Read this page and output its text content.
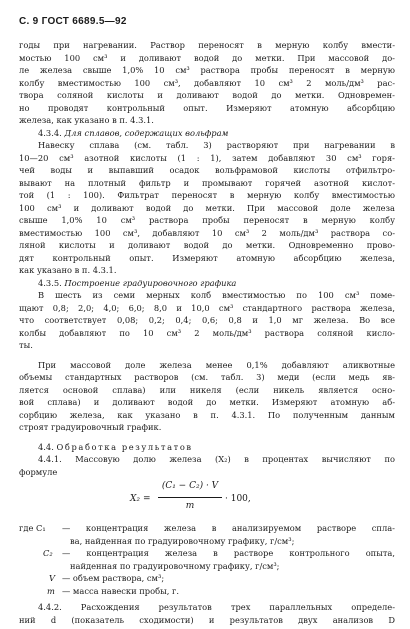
С. 9 ГОСТ 6689.5—92
годы при нагревании. Раствор переносят в мерную колбу вмести-
мостью 100 см³ и доливают водой до метки. При массовой до-
ле железа свыше 1,0% 10 см³ раствора пробы переносят в мерную
колбу вместимостью 100 см³, добавляют 10 см³ 2 моль/дм³ рас-
твора соляной кислоты и доливают водой до метки. Одновремен-
но проводят контрольный опыт. Измеряют атомную абсорбцию
железа, как указано в п. 4.3.1.
4.3.4. Для сплавов, содержащих вольфрам
Навеску сплава (см. табл. 3) растворяют при нагревании в
10—20 см³ азотной кислоты (1 : 1), затем добавляют 30 см³ горя-
чей воды и выпавший осадок вольфрамовой кислоты отфильтро-
вывают на плотный фильтр и промывают горячей азотной кислот-
той (1 : 100). Фильтрат переносят в мерную колбу вместимостью
100 см³ и доливают водой до метки. При массовой доле железа
свыше 1,0% 10 см³ раствора пробы переносят в мерную колбу
вместимостью 100 см³, добавляют 10 см³ 2 моль/дм³ раствора со-
ляной кислоты и доливают водой до метки. Одновременно прово-
дят контрольный опыт. Измеряют атомную абсорбцию железа,
как указано в п. 4.3.1.
4.3.5. Построение градуировочного графика
В шесть из семи мерных колб вместимостью по 100 см³ поме-
щают 0,8; 2,0; 4,0; 6,0; 8,0 и 10,0 см³ стандартного раствора железа,
что соответствует 0,08; 0,2; 0,4; 0,6; 0,8 и 1,0 мг железа. Во все
колбы добавляют по 10 см³ 2 моль/дм³ раствора соляной кисло-
ты.
При массовой доле железа менее 0,1% добавляют аликвотные
объемы стандартных растворов (см. табл. 3) меди (если медь яв-
ляется основой сплава) или никеля (если никель является осно-
вой сплава) и доливают водой до метки. Измеряют атомную аб-
сорбцию железа, как указано в п. 4.3.1. По полученным данным
строят градуировочный график.
4.4. Обработка результатов
4.4.1. Массовую долю железа (X₂) в процентах вычисляют по
формуле
X₂ =
(C₁ − C₂) · V
m
· 100,
где C₁ — концентрация железа в анализируемом растворе спла-
ва, найденная по градуировочному графику, г/см³;
C₂ — концентрация железа в растворе контрольного опыта,
найденная по градуировочному графику, г/см³;
V — объем раствора, см³;
m — масса навески пробы, г.
4.4.2. Расхождения результатов трех параллельных определе-
ний d (показатель сходимости) и результатов двух анализов D
